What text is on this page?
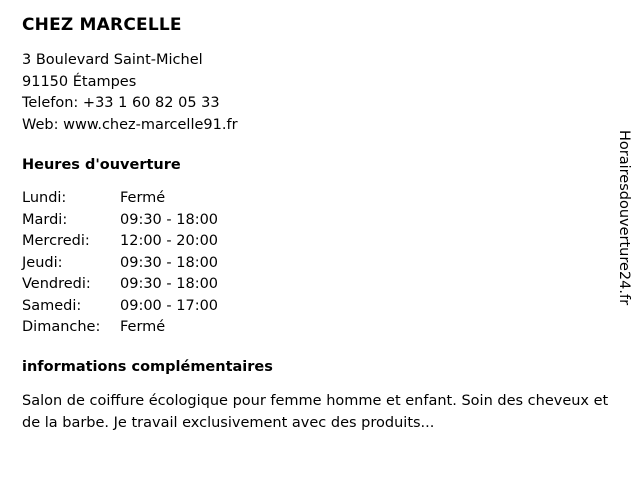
CHEZ MARCELLE
3 Boulevard Saint-Michel
91150 Étampes
Telefon: +33 1 60 82 05 33
Web: www.chez-marcelle91.fr
Heures d'ouverture
Lundi:	Fermé
Mardi:	09:30 - 18:00
Mercredi:	12:00 - 20:00
Jeudi:	09:30 - 18:00
Vendredi:	09:30 - 18:00
Samedi:	09:00 - 17:00
Dimanche:	Fermé
informations complémentaires

Salon de coiffure écologique pour femme homme et enfant. Soin des cheveux et de la barbe. Je travail exclusivement avec des produits...

Horairesdouverture24.fr
